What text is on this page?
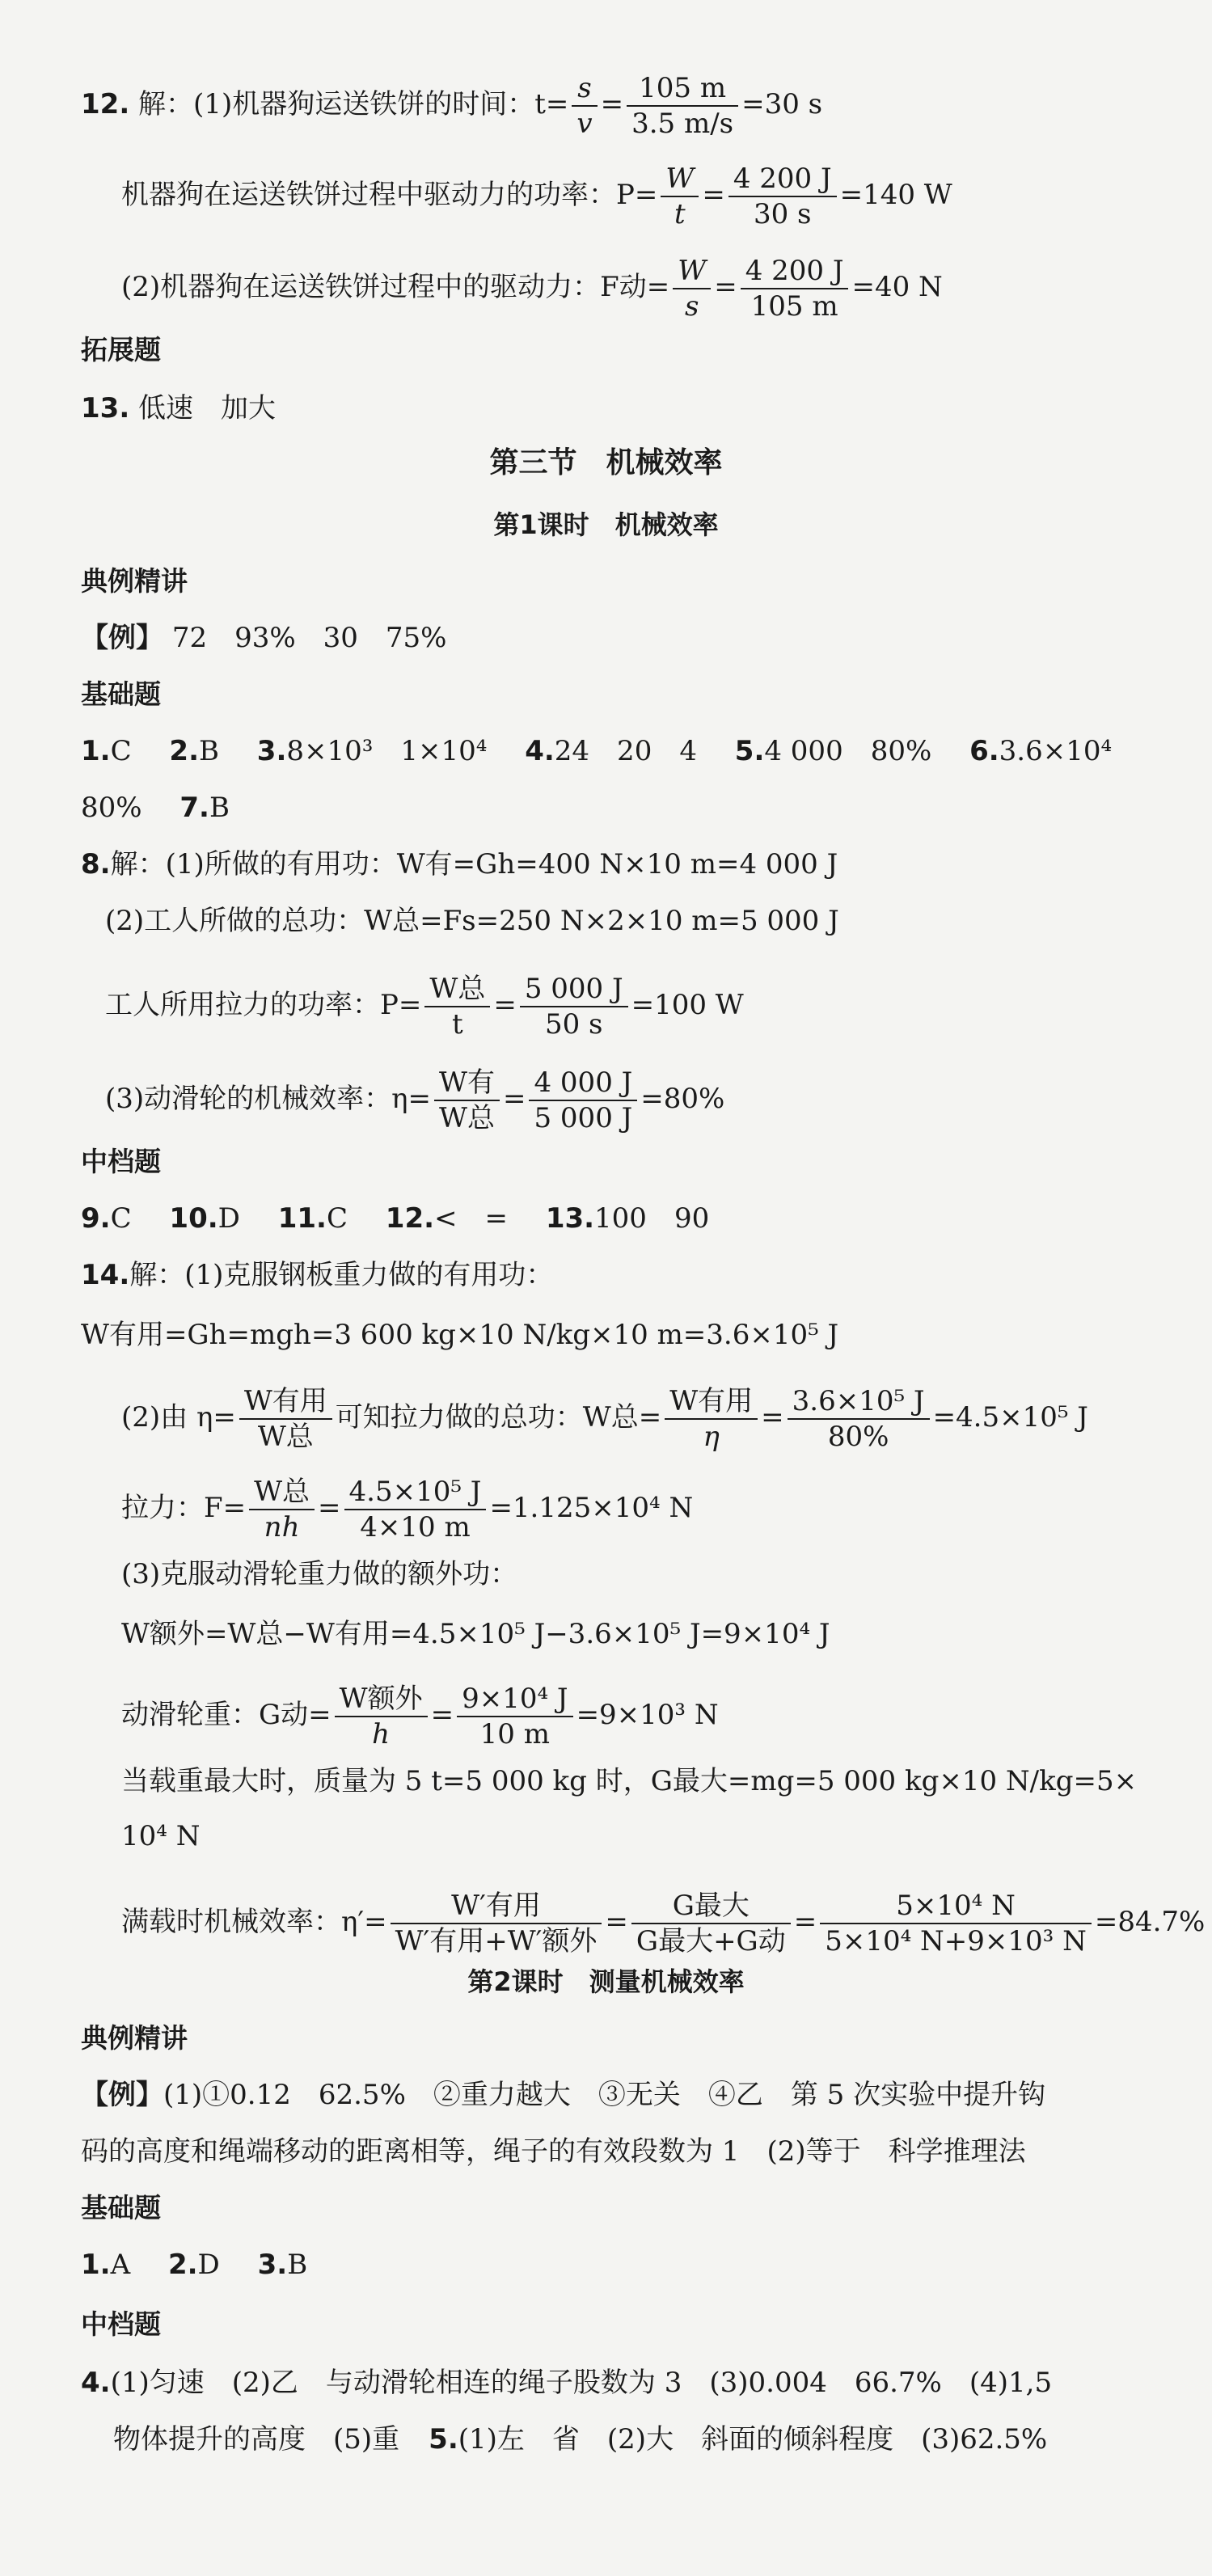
12. 解：(1)机器狗运送铁饼的时间：$t= \frac{s}{v} = \frac{105 m}{3.5 m/s} =30$ s
机器狗在运送铁饼过程中驱动力的功率：$P= \frac{W}{t} = \frac{4 200 J}{30 s} =140$ W
(2)机器狗在运送铁饼过程中的驱动力：F动= $\frac{W}{s} = \frac{4 200 J}{105 m} =40$ N
拓展题
13. 低速　加大
第三节　机械效率
第1课时　机械效率
典例精讲
【例】 72　93%　30　75%
基础题
1.C 2.B 3.8×10³　1×10⁴ 4.24　20　4 5.4 000　80% 6.3.6×10⁴
80% 7.B
8.解：(1)所做的有用功：W有=Gh=400 N×10 m=4 000 J
(2)工人所做的总功：W总=Fs=250 N×2×10 m=5 000 J
工人所用拉力的功率：$P= \frac{\text{W总}}{t} = \frac{5 000 J}{50 s} =100$ W
(3)动滑轮的机械效率：$\eta= \frac{\text{W有}}{\text{W总}} = \frac{4 000 J}{5 000 J} =80\%$
中档题
9.C 10.D 11.C 12.<　= 13.100　90
14.解：(1)克服钢板重力做的有用功：
W有用=Gh=mgh=3 600 kg×10 N/kg×10 m=3.6×10⁵ J
(2)由 $\eta= \frac{\text{W有用}}{\text{W总}}$ 可知拉力做的总功：W总= $\frac{\text{W有用}}{\eta} = \frac{\text{3.6×10⁵ J}}{80\%} =4.5\times 10^5$ J
拉力：$F= \frac{\text{W总}}{nh} = \frac{\text{4.5×10⁵ J}}{4\times 10 m} =1.125\times 10^4$ N
(3)克服动滑轮重力做的额外功：
W额外=W总−W有用=4.5×10⁵ J−3.6×10⁵ J=9×10⁴ J
动滑轮重：G动= $\frac{\text{W额外}}{h} = \frac{\text{9×10⁴ J}}{10 m} =9\times 10^3$ N
当载重最大时，质量为 5 t=5 000 kg 时，G最大=mg=5 000 kg×10 N/kg=5×
10⁴ N
满载时机械效率：$\eta'= \frac{\text{W′有用}}{\text{W′有用+W′额外}} = \frac{\text{G最大}}{\text{G最大+G动}} = \frac{\text{5×10⁴ N}}{\text{5×10⁴ N+9×10³ N}} =84.7\%$
第2课时　测量机械效率
典例精讲
【例】(1)①0.12　62.5%　②重力越大　③无关　④乙　第 5 次实验中提升钩
码的高度和绳端移动的距离相等，绳子的有效段数为 1　(2)等于　科学推理法
基础题
1.A 2.D 3.B
中档题
4.(1)匀速　(2)乙　与动滑轮相连的绳子股数为 3　(3)0.004　66.7%　(4)1,5
物体提升的高度　(5)重 5.(1)左　省　(2)大　斜面的倾斜程度　(3)62.5%
